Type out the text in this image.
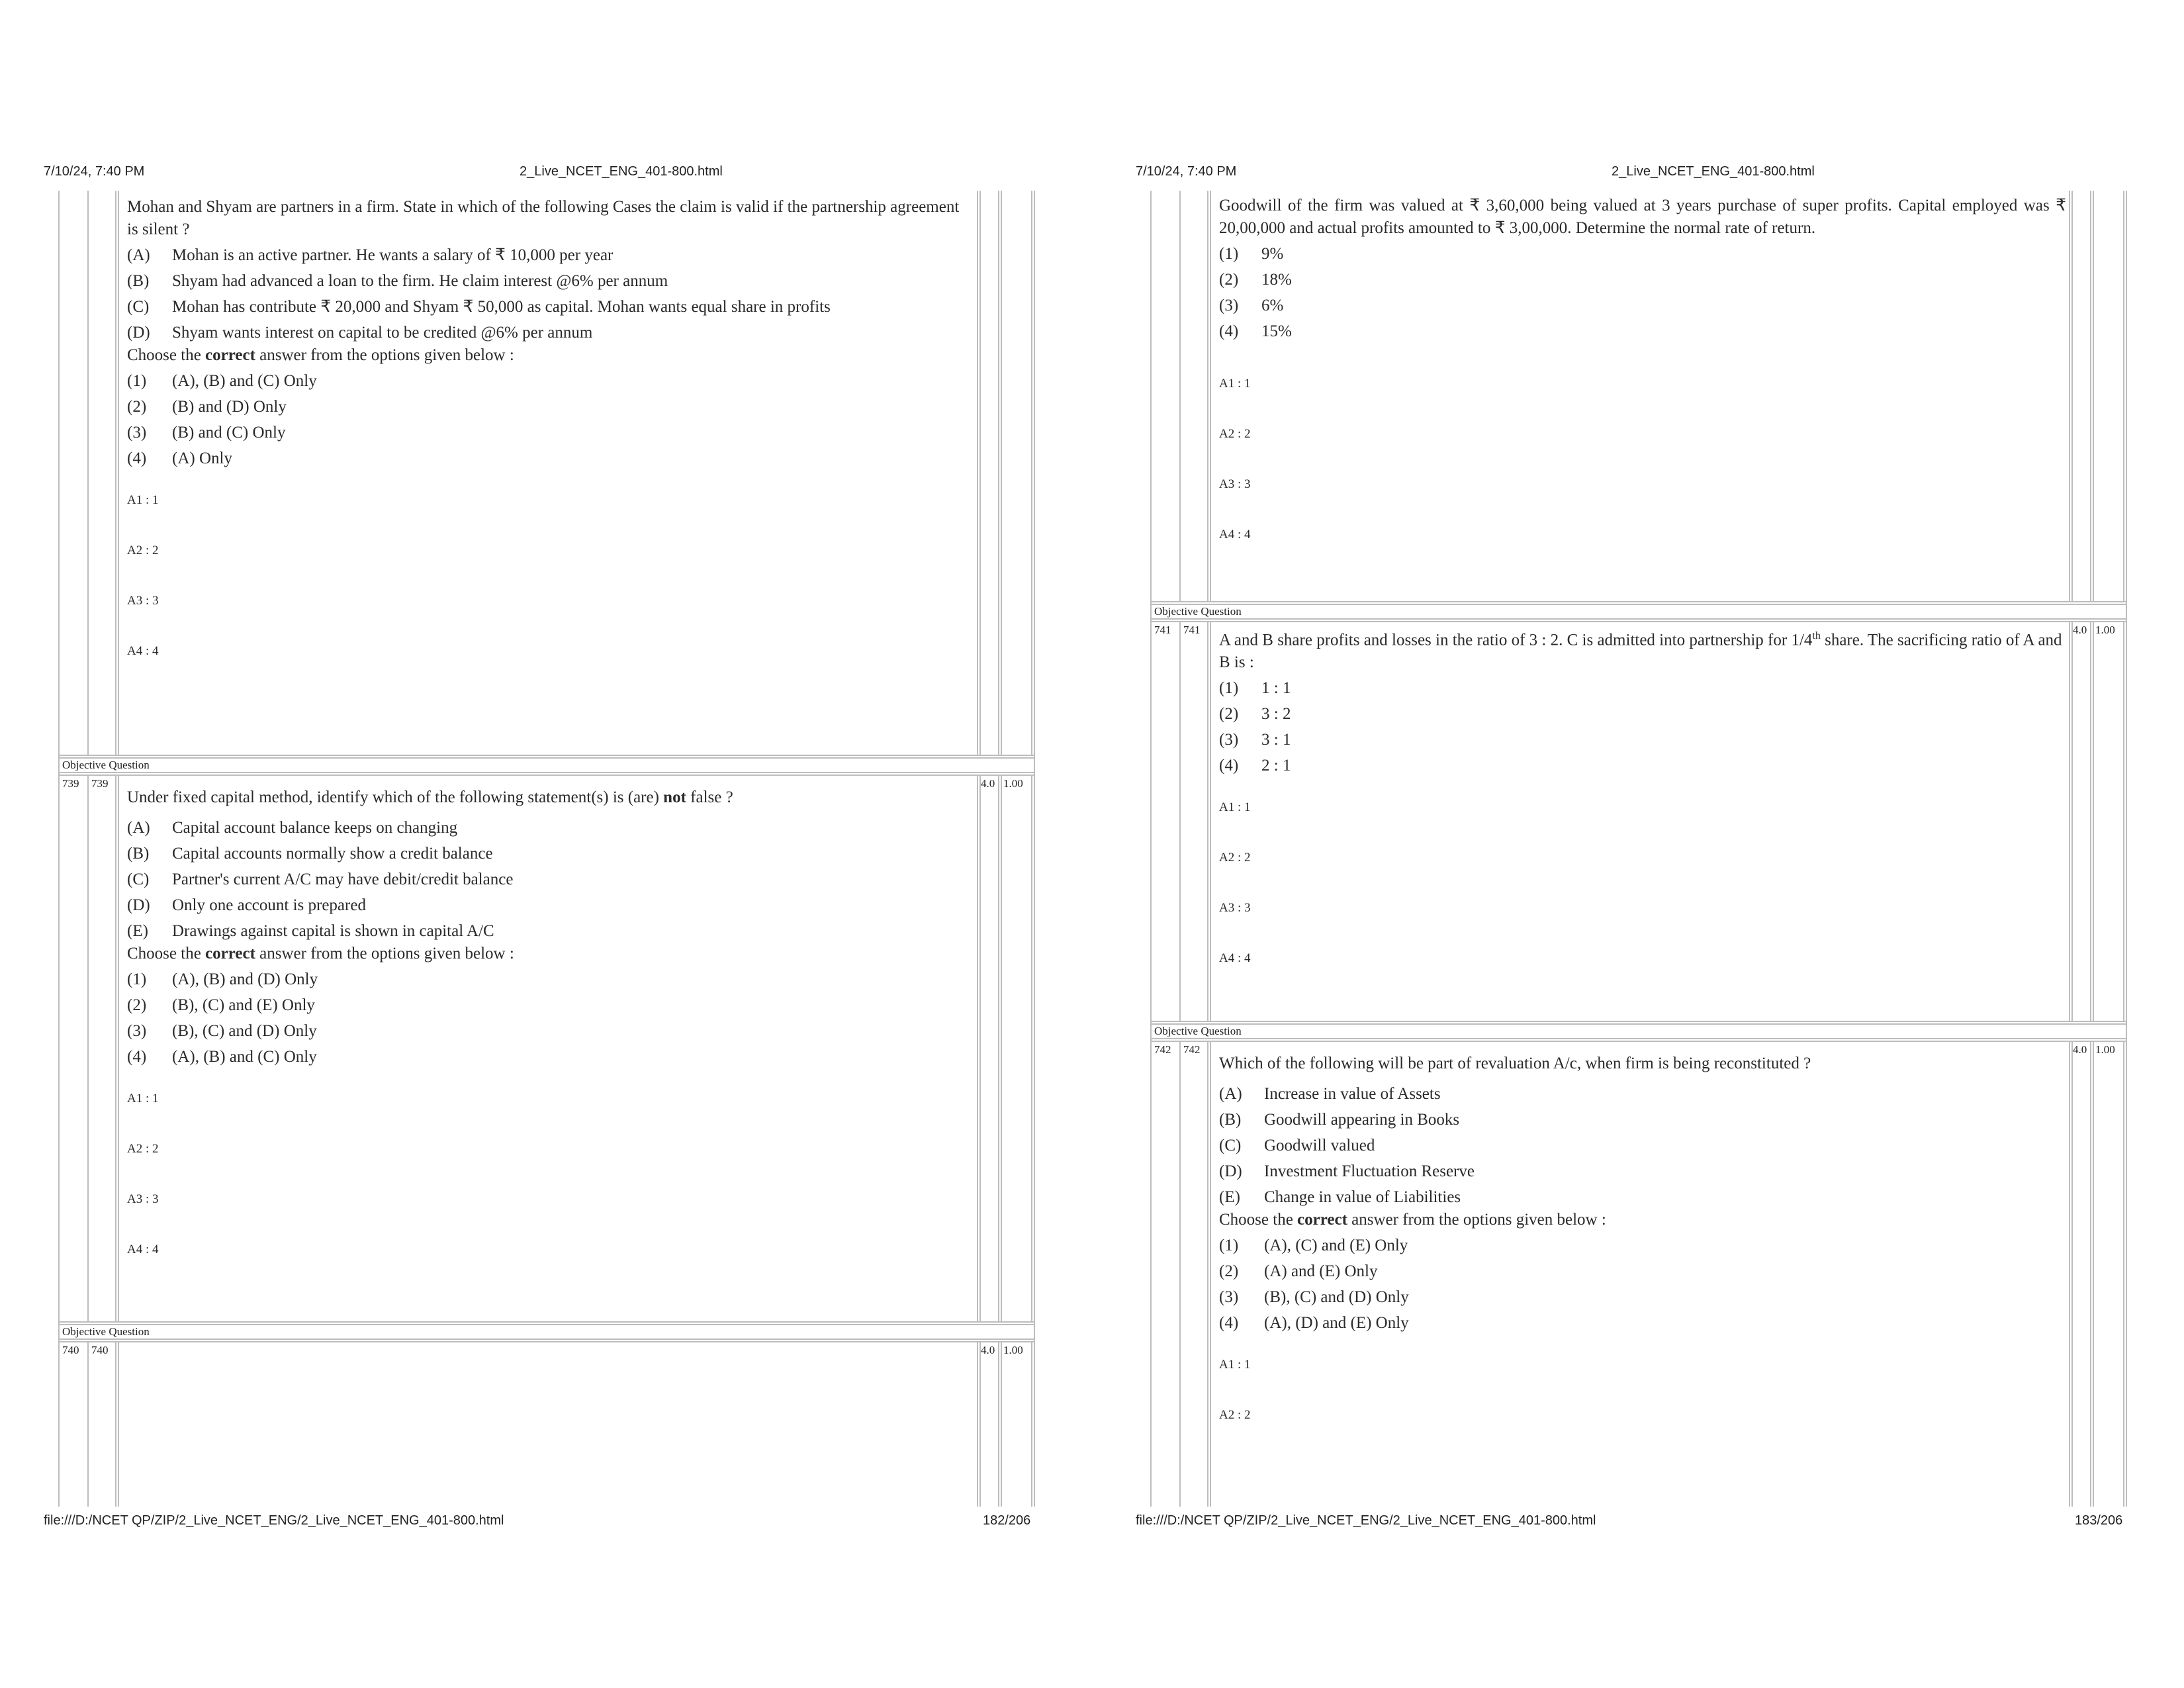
7/10/24, 7:40 PM	2_Live_NCET_ENG_401-800.html

Mohan and Shyam are partners in a firm. State in which of the following Cases the claim is valid if the partnership agreement is silent ?

(A)	Mohan is an active partner. He wants a salary of ₹ 10,000 per year
(B)	Shyam had advanced a loan to the firm. He claim interest @6% per annum
(C)	Mohan has contribute ₹ 20,000 and Shyam ₹ 50,000 as capital. Mohan wants equal share in profits
(D)	Shyam wants interest on capital to be credited @6% per annum

Choose the correct answer from the options given below :

(1)	(A), (B) and (C) Only
(2)	(B) and (D) Only
(3)	(B) and (C) Only
(4)	(A) Only
A1 : 1
A2 : 2
A3 : 3
A4 : 4
Objective Question
739 739	4.0 1.00

Under fixed capital method, identify which of the following statement(s) is (are) not false ?

(A)	Capital account balance keeps on changing
(B)	Capital accounts normally show a credit balance
(C)	Partner's current A/C may have debit/credit balance
(D)	Only one account is prepared
(E)	Drawings against capital is shown in capital A/C

Choose the correct answer from the options given below :

(1)	(A), (B) and (D) Only
(2)	(B), (C) and (E) Only
(3)	(B), (C) and (D) Only
(4)	(A), (B) and (C) Only
A1 : 1
A2 : 2
A3 : 3
A4 : 4
Objective Question
740 740	4.0 1.00
file:///D:/NCET QP/ZIP/2_Live_NCET_ENG/2_Live_NCET_ENG_401-800.html	182/206
7/10/24, 7:40 PM	2_Live_NCET_ENG_401-800.html

Goodwill of the firm was valued at ₹ 3,60,000 being valued at 3 years purchase of super profits. Capital employed was ₹ 20,00,000 and actual profits amounted to ₹ 3,00,000. Determine the normal rate of return.

(1)	9%
(2)	18%
(3)	6%
(4)	15%
A1 : 1
A2 : 2
A3 : 3
A4 : 4
Objective Question
741 741	4.0 1.00

A and B share profits and losses in the ratio of 3 : 2. C is admitted into partnership for 1/4th share. The sacrificing ratio of A and B is :

(1)	1 : 1
(2)	3 : 2
(3)	3 : 1
(4)	2 : 1
A1 : 1
A2 : 2
A3 : 3
A4 : 4
Objective Question
742 742	4.0 1.00

Which of the following will be part of revaluation A/c, when firm is being reconstituted ?

(A)	Increase in value of Assets
(B)	Goodwill appearing in Books
(C)	Goodwill valued
(D)	Investment Fluctuation Reserve
(E)	Change in value of Liabilities

Choose the correct answer from the options given below :

(1)	(A), (C) and (E) Only
(2)	(A) and (E) Only
(3)	(B), (C) and (D) Only
(4)	(A), (D) and (E) Only
A1 : 1
A2 : 2
file:///D:/NCET QP/ZIP/2_Live_NCET_ENG/2_Live_NCET_ENG_401-800.html	183/206
